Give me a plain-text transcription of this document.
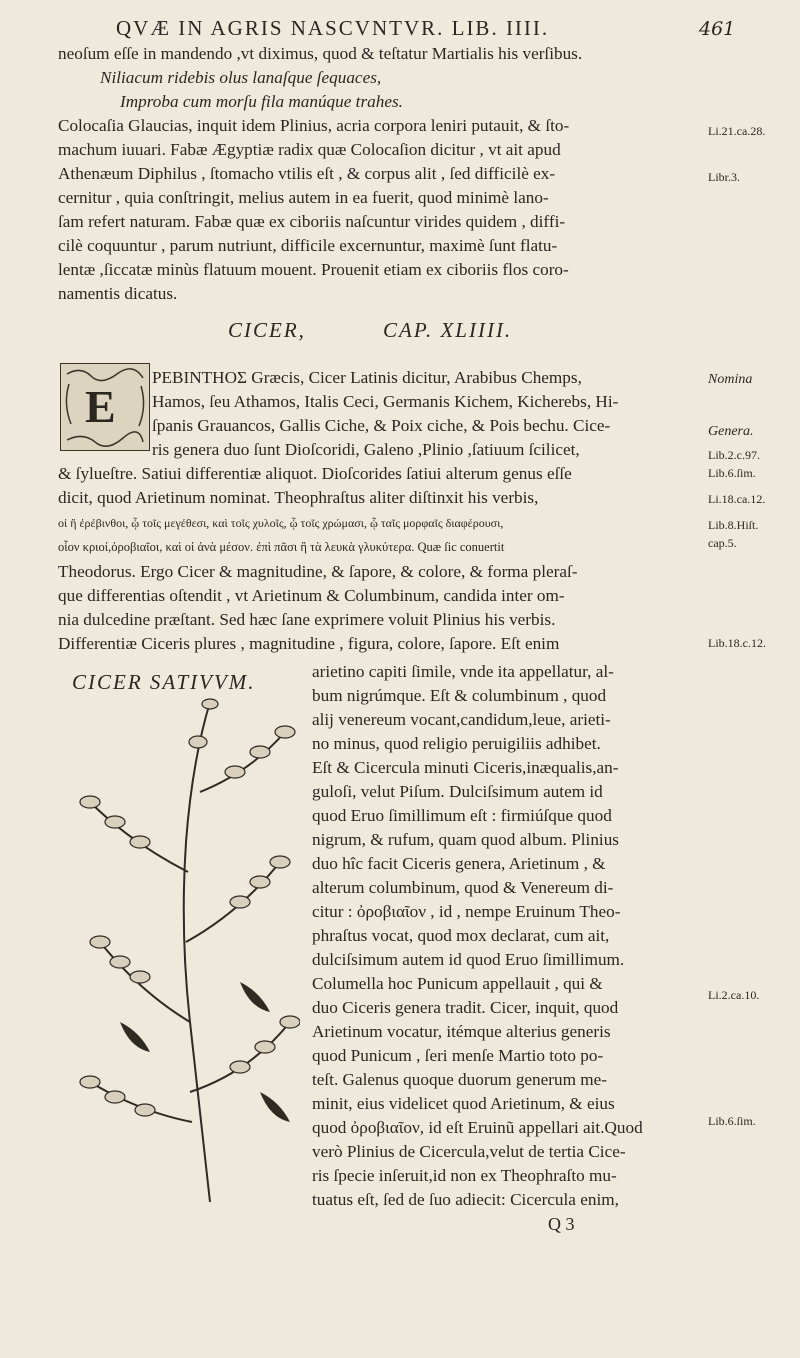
QVÆ IN AGRIS NASCVNTVR. LIB. IIII.	461
neoſum eſſe in mandendo ,vt diximus, quod & teſtatur Martialis his verſibus.
Niliacum ridebis olus lanaſque ſequaces,
Improba cum morſu fila manúque trahes.
Colocaſia Glaucias, inquit idem Plinius, acria corpora leniri putauit, & ſto-
machum iuuari. Fabæ Ægyptiæ radix quæ Colocaſion dicitur , vt ait apud
Athenæum Diphilus , ſtomacho vtilis eſt , & corpus alit , ſed difficilè ex-
cernitur , quia conſtringit, melius autem in ea fuerit, quod minimè lano-
ſam refert naturam. Fabæ quæ ex ciboriis naſcuntur virides quidem , diffi-
cilè coquuntur , parum nutriunt, difficile excernuntur, maximè ſunt flatu-
lentæ ,ſiccatæ minùs flatuum mouent. Prouenit etiam ex ciboriis flos coro-
namentis dicatus.
CICER,	CAP. XLIIII.
E
PEBINTHOΣ Græcis, Cicer Latinis dicitur, Arabibus Chemps,
Hamos, ſeu Athamos, Italis Ceci, Germanis Kichem, Kicherebs, Hi-
ſpanis Grauancos, Gallis Ciche, & Poix ciche, & Pois bechu. Cice-
ris genera duo ſunt Dioſcoridi, Galeno ,Plinio ,ſatiuum ſcilicet,
& ſylueſtre. Satiui differentiæ aliquot. Dioſcorides ſatiui alterum genus eſſe
dicit, quod Arietinum nominat. Theophraſtus aliter diſtinxit his verbis,
οἱ ἢ ἐρέβινθοι, ᾧ τοῖς μεγέθεσι, καὶ τοῖς χυλοῖς, ᾧ τοῖς χρώμασι, ᾧ ταῖς μορφαῖς διαφέρουσι,
οἷον κριοί,ὀροβιαῖοι, καὶ οἱ ἀνὰ μέσον. ἐπὶ πᾶσι ἢ τὰ λευκὰ γλυκύτερα. Quæ ſic conuertit
Theodorus. Ergo Cicer & magnitudine, & ſapore, & colore, & forma pleraſ-
que differentias oſtendit , vt Arietinum & Columbinum, candida inter om-
nia dulcedine præſtant. Sed hæc ſane exprimere voluit Plinius his verbis.
Differentiæ Ciceris plures , magnitudine , figura, colore, ſapore. Eſt enim
CICER SATIVVM.	arietino capiti ſimile, vnde ita appellatur, al-
bum nigrúmque. Eſt & columbinum , quod
alij venereum vocant,candidum,leue, arieti-
no minus, quod religio peruigiliis adhibet.
Eſt & Cicercula minuti Ciceris,inæqualis,an-
guloſi, velut Piſum. Dulciſsimum autem id
quod Eruo ſimillimum eſt : firmiúſque quod
nigrum, & rufum, quam quod album. Plinius
duo hîc facit Ciceris genera, Arietinum , &
alterum columbinum, quod & Venereum di-
citur : ὀροβιαῖον , id , nempe Eruinum Theo-
phraſtus vocat, quod mox declarat, cum ait,
dulciſsimum autem id quod Eruo ſimillimum.
Columella hoc Punicum appellauit , qui &
duo Ciceris genera tradit. Cicer, inquit, quod
Arietinum vocatur, itémque alterius generis
quod Punicum , ſeri menſe Martio toto po-
teſt. Galenus quoque duorum generum me-
minit, eius videlicet quod Arietinum, & eius
quod ὀροβιαῖον, id eſt Eruinũ appellari ait.Quod
verò Plinius de Cicercula,velut de tertia Cice-
ris ſpecie inſeruit,id non ex Theophraſto mu-
tuatus eſt, ſed de ſuo adiecit: Cicercula enim,
Q 3
Li.21.ca.28.
Libr.3.
Nomina
Genera.
Lib.2.c.97.
Lib.6.ſim.
Li.18.ca.12.
Lib.8.Hiſt.
cap.5.
Lib.18.c.12.
Li.2.ca.10.
Lib.6.ſim.
